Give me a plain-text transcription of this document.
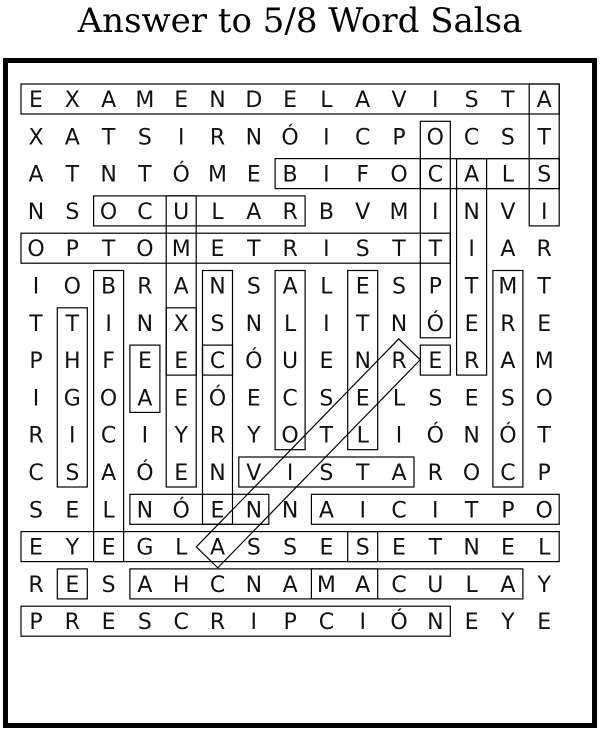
Answer to 5/8 Word Salsa
E X A M E N D E L A V I S T A
X A T S I R N Ó I C P O C S T
A T N T Ó M E B I F O C A L S
N S O C U L A R B V M I N V I
O P T O M E T R I S T T I A R
I O B R A N S A L E S P T M T
T T I N X S N L I T N Ó E R E
P H F E E C Ó U E N R E R A M
I G O A E Ó E C S E L S E S O
R I C I Y R Y O T L I Ó N Ó T
C S A Ó E N V I S T A R O C P
S E L N Ó E N N A I C I T P O
E Y E G L A S S E S E T N E L
R E S A H C N A M A C U L A Y
P R E S C R I P C I Ó N E Y E
